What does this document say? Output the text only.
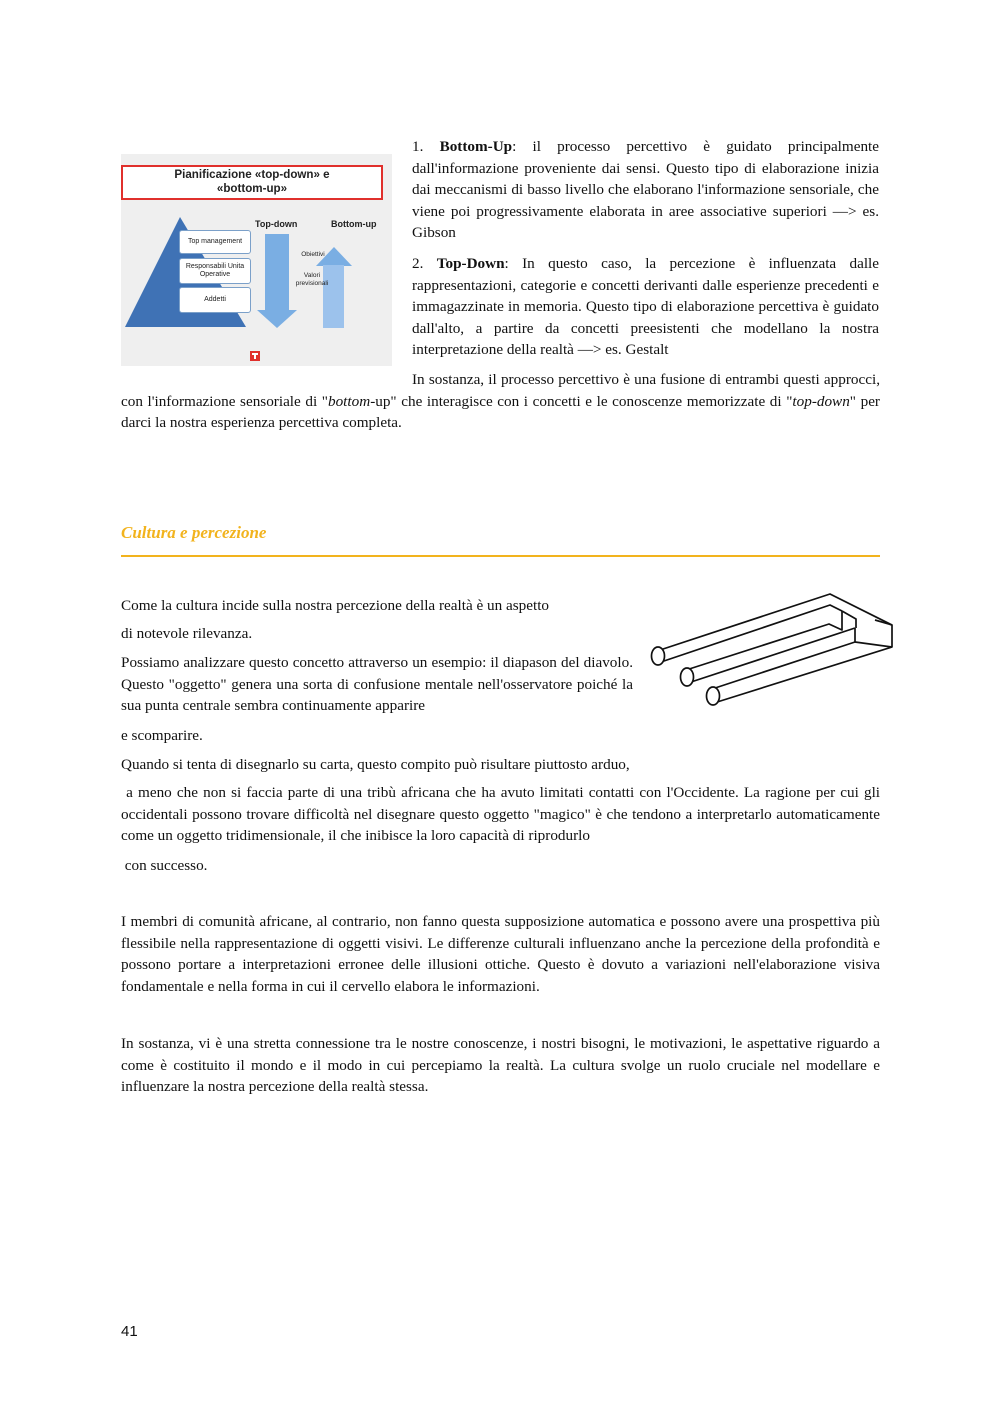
Pianificazione «top-down» e
«bottom-up»
Top-down	Bottom-up
Top management
Responsabili Unita Operative
Addetti
Obiettivi
Valori
previsionali

1. Bottom-Up: il processo percettivo è guidato principalmente dall'informazione proveniente dai sensi. Questo tipo di elaborazione inizia dai meccanismi di basso livello che elaborano l'informazione sensoriale, che viene poi progressivamente elaborata in aree associative superiori —> es. Gibson

2. Top-Down: In questo caso, la percezione è influenzata dalle rappresentazioni, categorie e concetti derivanti dalle esperienze precedenti e immagazzinate in memoria. Questo tipo di elaborazione percettiva è guidato dall'alto, a partire da concetti preesistenti che modellano la nostra interpretazione della realtà —> es. Gestalt

In sostanza, il processo percettivo è una fusione di entrambi questi approcci, con l'informazione sensoriale di "bottom-up" che interagisce con i concetti e le conoscenze memorizzate di "top-down" per darci la nostra esperienza percettiva completa.

Cultura e percezione

Come la cultura incide sulla nostra percezione della realtà è un aspetto

di notevole rilevanza.

Possiamo analizzare questo concetto attraverso un esempio: il diapason del diavolo. Questo "oggetto" genera una sorta di confusione mentale nell'osservatore poiché la sua punta centrale sembra continuamente apparire

e scomparire.

Quando si tenta di disegnarlo su carta, questo compito può risultare piuttosto arduo,

a meno che non si faccia parte di una tribù africana che ha avuto limitati contatti con l'Occidente. La ragione per cui gli occidentali possono trovare difficoltà nel disegnare questo oggetto "magico" è che tendono a interpretarlo automaticamente come un oggetto tridimensionale, il che inibisce la loro capacità di riprodurlo

con successo.

I membri di comunità africane, al contrario, non fanno questa supposizione automatica e possono avere una prospettiva più flessibile nella rappresentazione di oggetti visivi. Le differenze culturali influenzano anche la percezione della profondità e possono portare a interpretazioni erronee delle illusioni ottiche. Questo è dovuto a variazioni nell'elaborazione visiva fondamentale e nella forma in cui il cervello elabora le informazioni.

In sostanza, vi è una stretta connessione tra le nostre conoscenze, i nostri bisogni, le motivazioni, le aspettative riguardo a come è costituito il mondo e il modo in cui percepiamo la realtà. La cultura svolge un ruolo cruciale nel modellare e influenzare la nostra percezione della realtà stessa.

41
